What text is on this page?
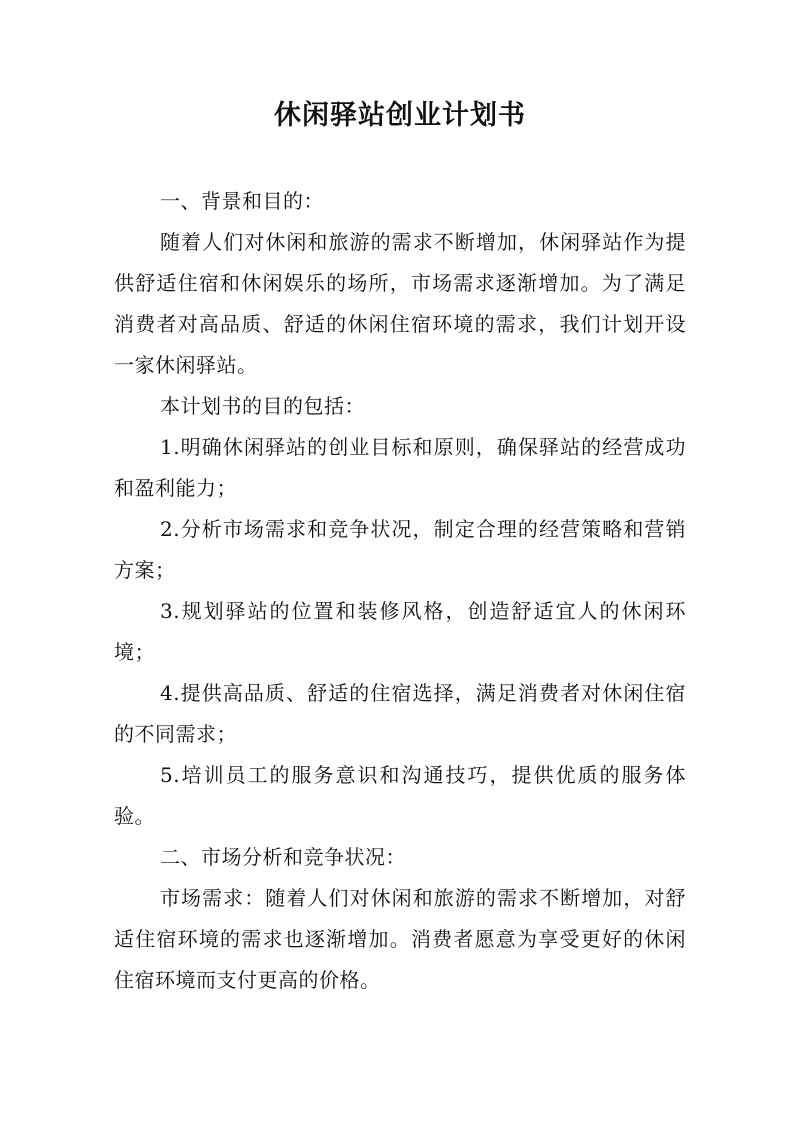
休闲驿站创业计划书

一、背景和目的：

随着人们对休闲和旅游的需求不断增加，休闲驿站作为提供舒适住宿和休闲娱乐的场所，市场需求逐渐增加。为了满足消费者对高品质、舒适的休闲住宿环境的需求，我们计划开设一家休闲驿站。

本计划书的目的包括：

1.明确休闲驿站的创业目标和原则，确保驿站的经营成功和盈利能力；

2.分析市场需求和竞争状况，制定合理的经营策略和营销方案；

3.规划驿站的位置和装修风格，创造舒适宜人的休闲环境；

4.提供高品质、舒适的住宿选择，满足消费者对休闲住宿的不同需求；

5.培训员工的服务意识和沟通技巧，提供优质的服务体验。

二、市场分析和竞争状况：

市场需求：随着人们对休闲和旅游的需求不断增加，对舒适住宿环境的需求也逐渐增加。消费者愿意为享受更好的休闲住宿环境而支付更高的价格。
